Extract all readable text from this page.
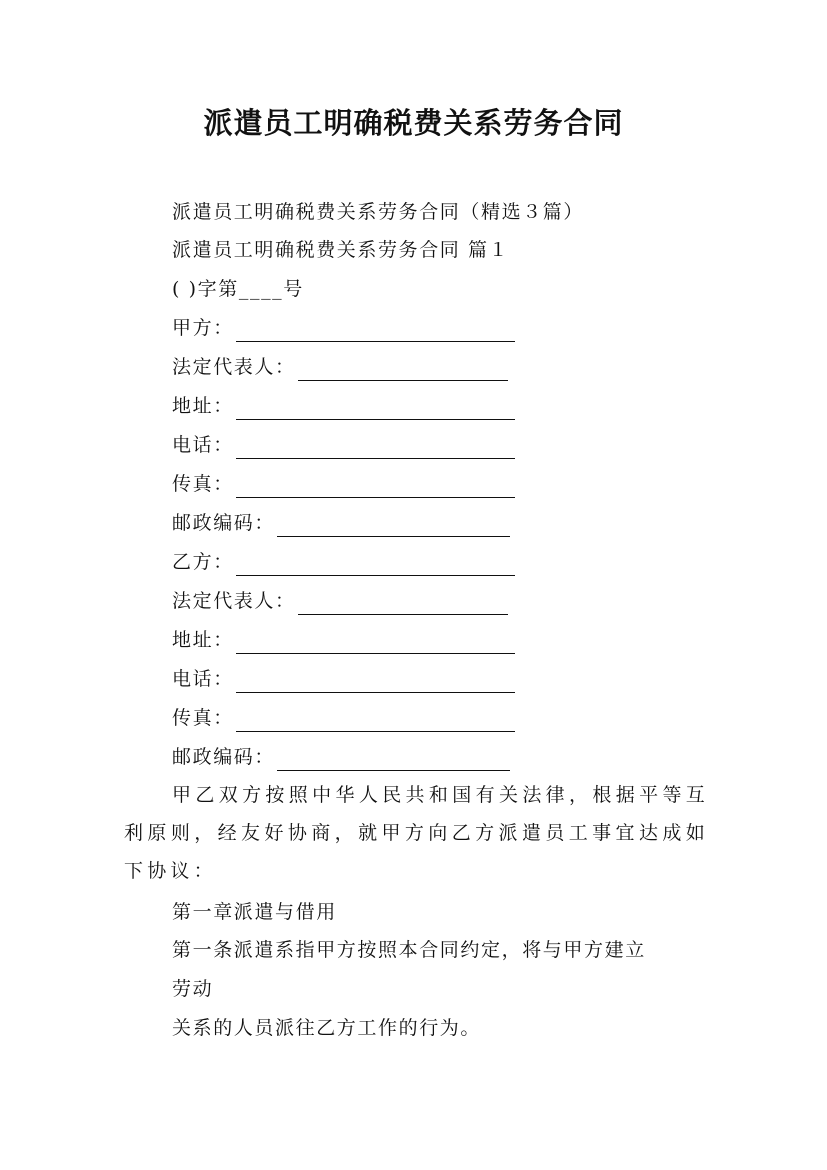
派遣员工明确税费关系劳务合同
派遣员工明确税费关系劳务合同（精选３篇）
派遣员工明确税费关系劳务合同 篇１
( )字第____号
甲方：
法定代表人：
地址：
电话：
传真：
邮政编码：
乙方：
法定代表人：
地址：
电话：
传真：
邮政编码：
甲乙双方按照中华人民共和国有关法律，根据平等互利原则，经友好协商，就甲方向乙方派遣员工事宜达成如下协议：
第一章派遣与借用
第一条派遣系指甲方按照本合同约定，将与甲方建立
劳动
关系的人员派往乙方工作的行为。
